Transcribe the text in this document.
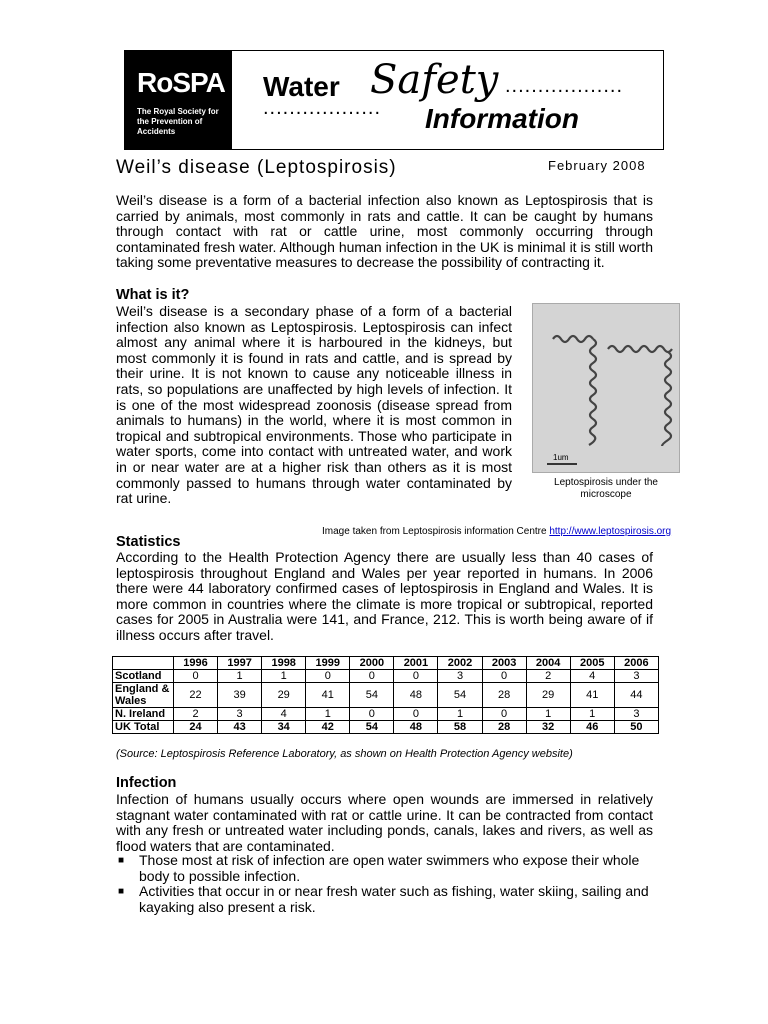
RoSPA
The Royal Society for the Prevention of Accidents
Water Safety ..................
.................. Information
Weil’s disease (Leptospirosis)	February 2008
Weil’s disease is a form of a bacterial infection also known as Leptospirosis that is carried by animals, most commonly in rats and cattle. It can be caught by humans through contact with rat or cattle urine, most commonly occurring through contaminated fresh water. Although human infection in the UK is minimal it is still worth taking some preventative measures to decrease the possibility of contracting it.
What is it?
Weil’s disease is a secondary phase of a form of a bacterial infection also known as Leptospirosis. Leptospirosis can infect almost any animal where it is harboured in the kidneys, but most commonly it is found in rats and cattle, and is spread by their urine. It is not known to cause any noticeable illness in rats, so populations are unaffected by high levels of infection. It is one of the most widespread zoonosis (disease spread from animals to humans) in the world, where it is most common in tropical and subtropical environments. Those who participate in water sports, come into contact with untreated water, and work in or near water are at a higher risk than others as it is most commonly passed to humans through water contaminated by rat urine.
1um
Leptospirosis under the microscope
Image taken from Leptospirosis information Centre http://www.leptospirosis.org
Statistics
According to the Health Protection Agency there are usually less than 40 cases of leptospirosis throughout England and Wales per year reported in humans. In 2006 there were 44 laboratory confirmed cases of leptospirosis in England and Wales. It is more common in countries where the climate is more tropical or subtropical, reported cases for 2005 in Australia were 141, and France, 212. This is worth being aware of if illness occurs after travel.
	1996	1997	1998	1999	2000	2001	2002	2003	2004	2005	2006
Scotland	0	1	1	0	0	0	3	0	2	4	3
England & Wales	22	39	29	41	54	48	54	28	29	41	44
N. Ireland	2	3	4	1	0	0	1	0	1	1	3
UK Total	24	43	34	42	54	48	58	28	32	46	50
(Source: Leptospirosis Reference Laboratory, as shown on Health Protection Agency website)
Infection
Infection of humans usually occurs where open wounds are immersed in relatively stagnant water contaminated with rat or cattle urine. It can be contracted from contact with any fresh or untreated water including ponds, canals, lakes and rivers, as well as flood waters that are contaminated.

■ Those most at risk of infection are open water swimmers who expose their whole body to possible infection.

■ Activities that occur in or near fresh water such as fishing, water skiing, sailing and kayaking also present a risk.
